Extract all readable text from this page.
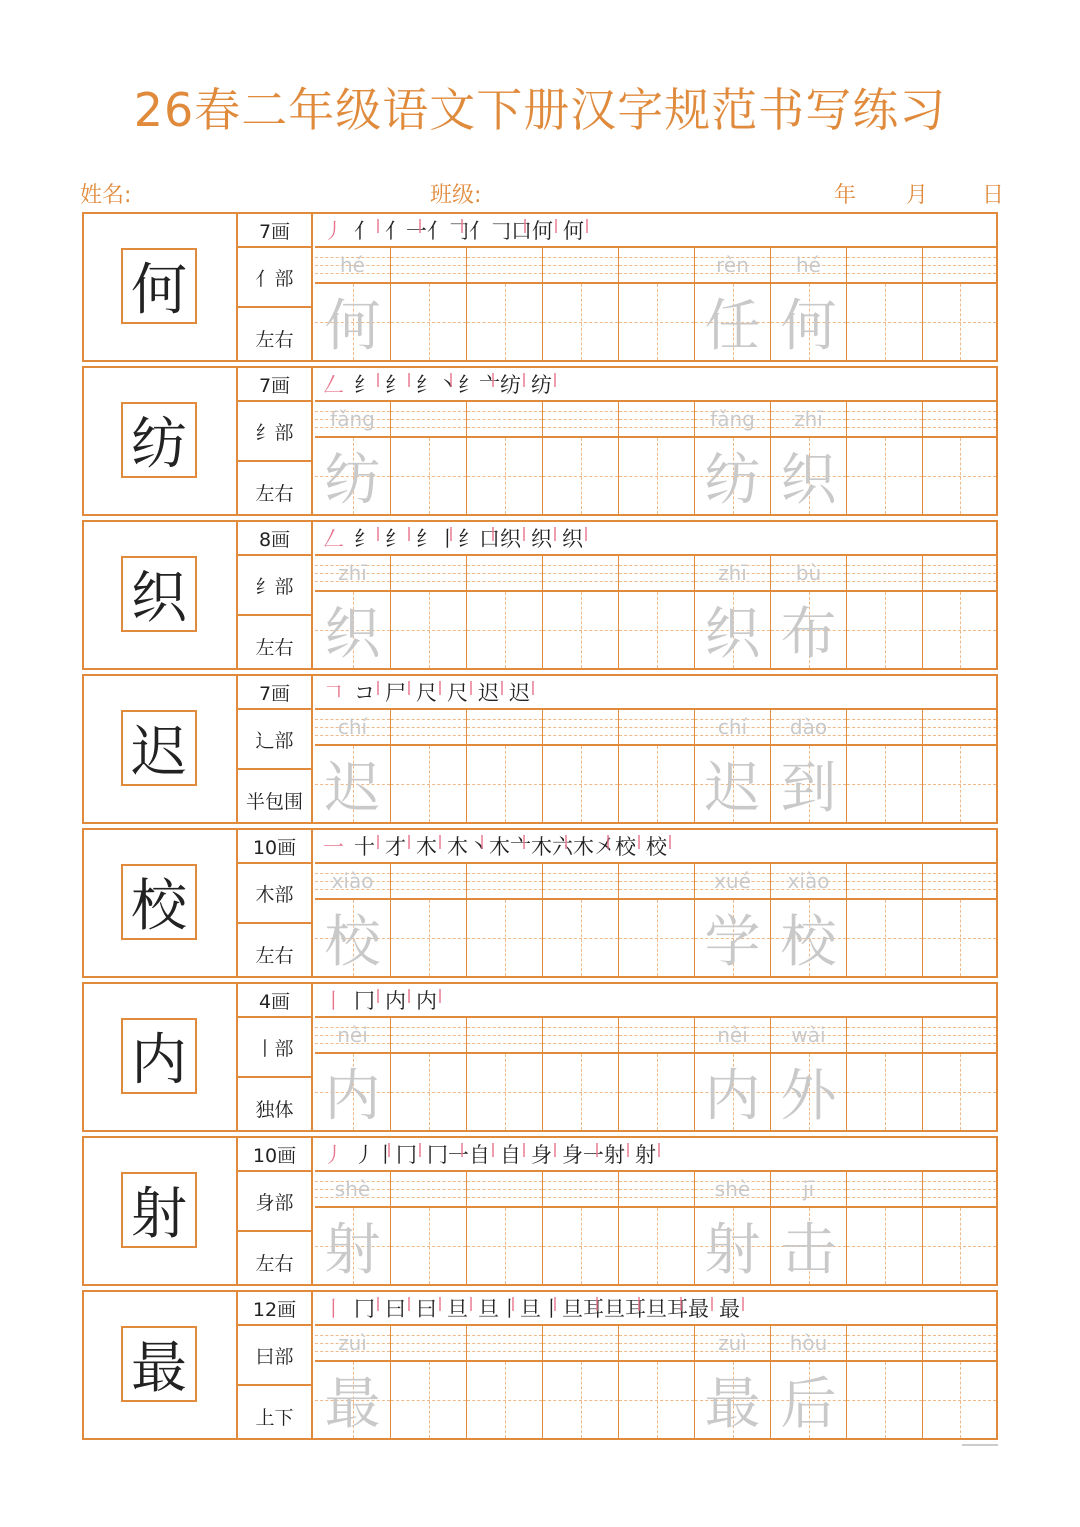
26春二年级语文下册汉字规范书写练习
姓名:	班级:	年 月 日
何
7画
亻部
左右
丿 亻 亻一 亻𠃌 亻𠃌口 何 何
hé
何
rèn
任
hé
何
纺
7画
纟部
左右
𠃋 纟 纟 纟丶 纟亠 纺 纺
fǎng
纺
fǎng
纺
zhī
织
织
8画
纟部
左右
𠃋 纟 纟 纟丨 纟口 织 织 织
zhī
织
zhī
织
bù
布
迟
7画
辶部
半包围
𠃍 コ 尸 尺 尺 迟 迟
chí
迟
chí
迟
dào
到
校
10画
木部
左右
一 十 才 木 木丶 木亠 木六 木㐅 校 校
xiào
校
xué
学
xiào
校
内
4画
丨部
独体
丨 冂 内 内
nèi
内
nèi
内
wài
外
射
10画
身部
左右
丿 丿丨 冂 冂一 自 自 身 身一 射 射
shè
射
shè
射
jī
击
最
12画
曰部
上下
丨 冂 曰 曰 旦 旦丨 旦丨 旦耳 旦耳 旦耳 最 最
zuì
最
zuì
最
hòu
后
